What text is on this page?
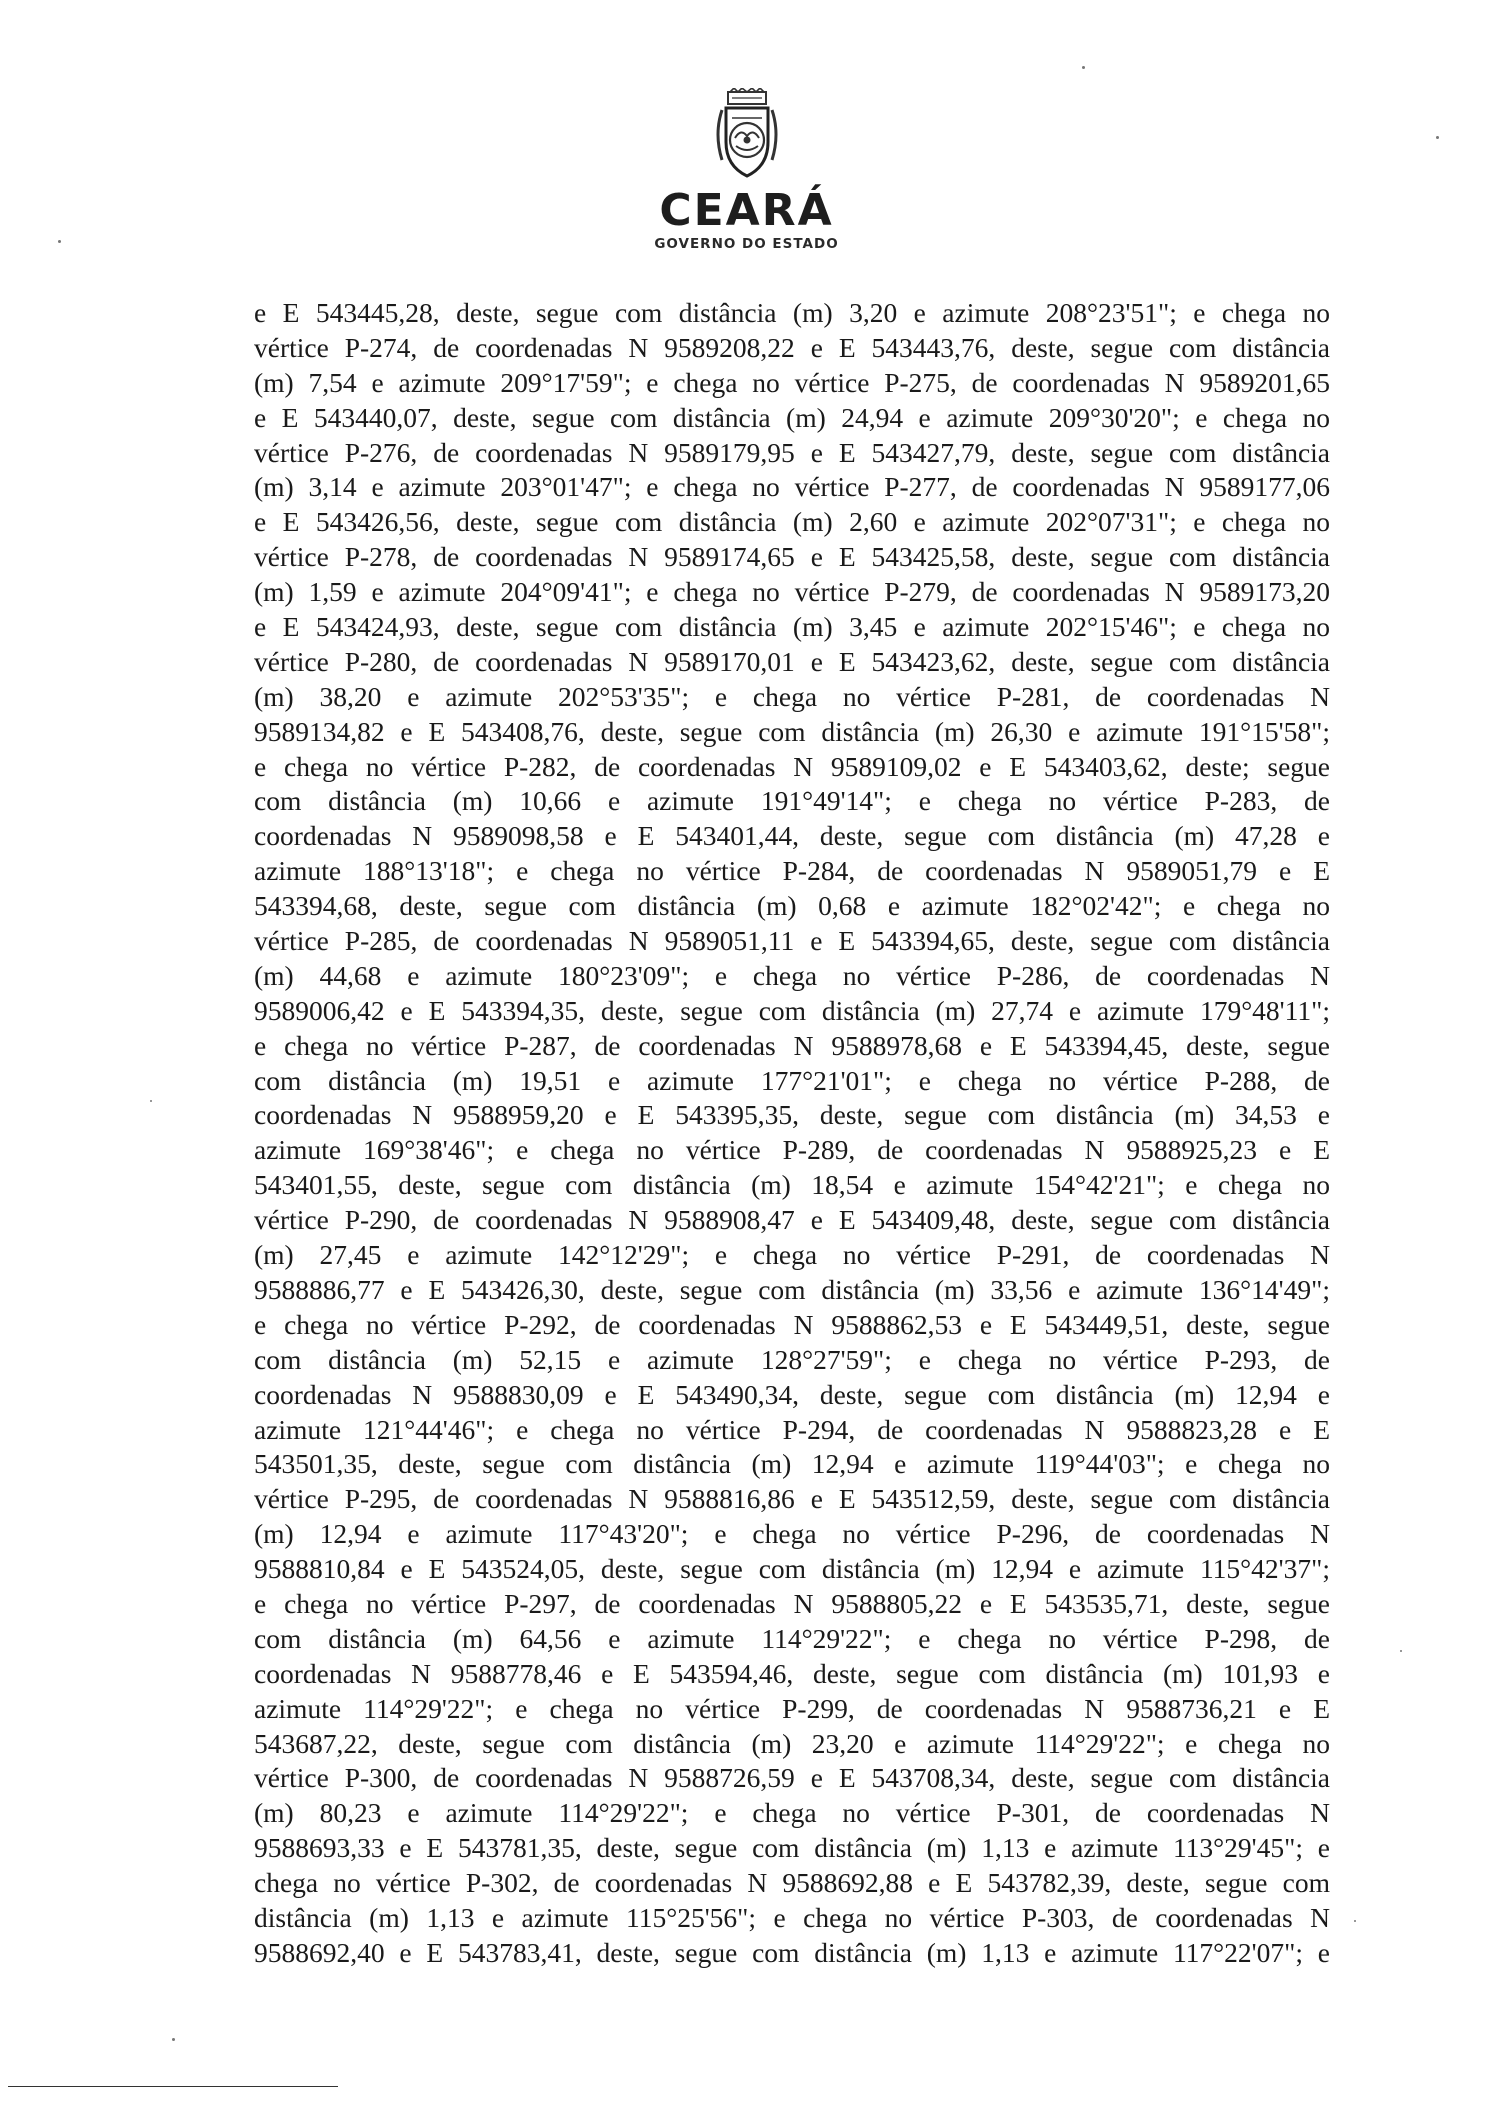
CEARÁ
GOVERNO DO ESTADO
e E 543445,28, deste, segue com distância (m) 3,20 e azimute 208°23'51"; e chega no
vértice P-274, de coordenadas N 9589208,22 e E 543443,76, deste, segue com distância
(m) 7,54 e azimute 209°17'59"; e chega no vértice P-275, de coordenadas N 9589201,65
e E 543440,07, deste, segue com distância (m) 24,94 e azimute 209°30'20"; e chega no
vértice P-276, de coordenadas N 9589179,95 e E 543427,79, deste, segue com distância
(m) 3,14 e azimute 203°01'47"; e chega no vértice P-277, de coordenadas N 9589177,06
e E 543426,56, deste, segue com distância (m) 2,60 e azimute 202°07'31"; e chega no
vértice P-278, de coordenadas N 9589174,65 e E 543425,58, deste, segue com distância
(m) 1,59 e azimute 204°09'41"; e chega no vértice P-279, de coordenadas N 9589173,20
e E 543424,93, deste, segue com distância (m) 3,45 e azimute 202°15'46"; e chega no
vértice P-280, de coordenadas N 9589170,01 e E 543423,62, deste, segue com distância
(m) 38,20 e azimute 202°53'35"; e chega no vértice P-281, de coordenadas N
9589134,82 e E 543408,76, deste, segue com distância (m) 26,30 e azimute 191°15'58";
e chega no vértice P-282, de coordenadas N 9589109,02 e E 543403,62, deste; segue
com distância (m) 10,66 e azimute 191°49'14"; e chega no vértice P-283, de
coordenadas N 9589098,58 e E 543401,44, deste, segue com distância (m) 47,28 e
azimute 188°13'18"; e chega no vértice P-284, de coordenadas N 9589051,79 e E
543394,68, deste, segue com distância (m) 0,68 e azimute 182°02'42"; e chega no
vértice P-285, de coordenadas N 9589051,11 e E 543394,65, deste, segue com distância
(m) 44,68 e azimute 180°23'09"; e chega no vértice P-286, de coordenadas N
9589006,42 e E 543394,35, deste, segue com distância (m) 27,74 e azimute 179°48'11";
e chega no vértice P-287, de coordenadas N 9588978,68 e E 543394,45, deste, segue
com distância (m) 19,51 e azimute 177°21'01"; e chega no vértice P-288, de
coordenadas N 9588959,20 e E 543395,35, deste, segue com distância (m) 34,53 e
azimute 169°38'46"; e chega no vértice P-289, de coordenadas N 9588925,23 e E
543401,55, deste, segue com distância (m) 18,54 e azimute 154°42'21"; e chega no
vértice P-290, de coordenadas N 9588908,47 e E 543409,48, deste, segue com distância
(m) 27,45 e azimute 142°12'29"; e chega no vértice P-291, de coordenadas N
9588886,77 e E 543426,30, deste, segue com distância (m) 33,56 e azimute 136°14'49";
e chega no vértice P-292, de coordenadas N 9588862,53 e E 543449,51, deste, segue
com distância (m) 52,15 e azimute 128°27'59"; e chega no vértice P-293, de
coordenadas N 9588830,09 e E 543490,34, deste, segue com distância (m) 12,94 e
azimute 121°44'46"; e chega no vértice P-294, de coordenadas N 9588823,28 e E
543501,35, deste, segue com distância (m) 12,94 e azimute 119°44'03"; e chega no
vértice P-295, de coordenadas N 9588816,86 e E 543512,59, deste, segue com distância
(m) 12,94 e azimute 117°43'20"; e chega no vértice P-296, de coordenadas N
9588810,84 e E 543524,05, deste, segue com distância (m) 12,94 e azimute 115°42'37";
e chega no vértice P-297, de coordenadas N 9588805,22 e E 543535,71, deste, segue
com distância (m) 64,56 e azimute 114°29'22"; e chega no vértice P-298, de
coordenadas N 9588778,46 e E 543594,46, deste, segue com distância (m) 101,93 e
azimute 114°29'22"; e chega no vértice P-299, de coordenadas N 9588736,21 e E
543687,22, deste, segue com distância (m) 23,20 e azimute 114°29'22"; e chega no
vértice P-300, de coordenadas N 9588726,59 e E 543708,34, deste, segue com distância
(m) 80,23 e azimute 114°29'22"; e chega no vértice P-301, de coordenadas N
9588693,33 e E 543781,35, deste, segue com distância (m) 1,13 e azimute 113°29'45"; e
chega no vértice P-302, de coordenadas N 9588692,88 e E 543782,39, deste, segue com
distância (m) 1,13 e azimute 115°25'56"; e chega no vértice P-303, de coordenadas N
9588692,40 e E 543783,41, deste, segue com distância (m) 1,13 e azimute 117°22'07"; e
